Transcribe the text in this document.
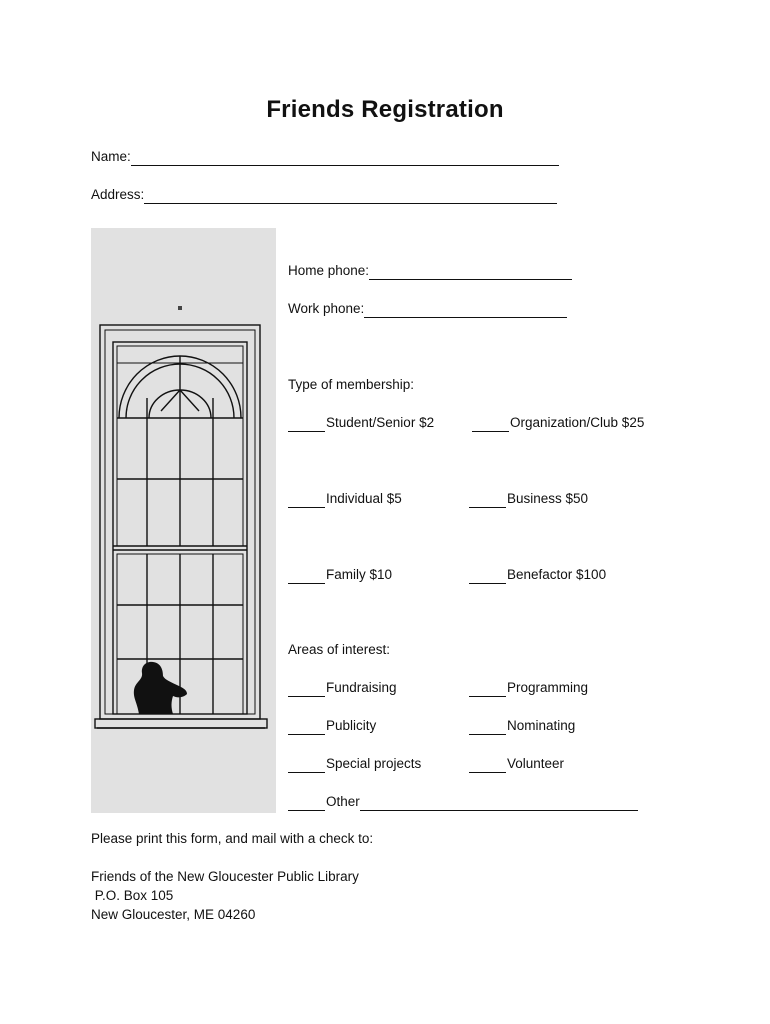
Friends Registration
Name:
Address:
Home phone:
Work phone:
Type of membership:
Student/Senior $2	Organization/Club $25
Individual $5	Business $50
Family $10	Benefactor $100
Areas of interest:
Fundraising	Programming
Publicity	Nominating
Special projects	Volunteer
Other
Please print this form, and mail with a check to:
Friends of the New Gloucester Public Library
P.O. Box 105
New Gloucester, ME 04260
